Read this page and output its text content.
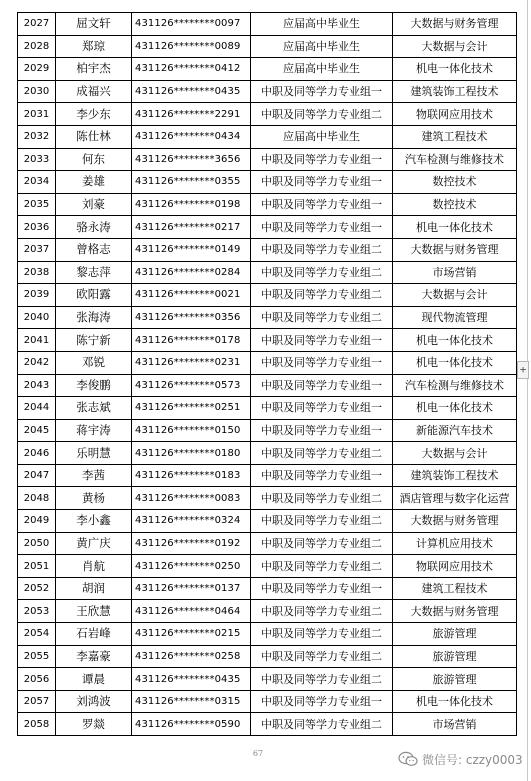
2027	屈文轩	431126********0097	应届高中毕业生	大数据与财务管理
2028	郑琼	431126********0089	应届高中毕业生	大数据与会计
2029	柏宇杰	431126********0412	应届高中毕业生	机电一体化技术
2030	成福兴	431126********0435	中职及同等学力专业组一	建筑装饰工程技术
2031	李少东	431126********2291	中职及同等学力专业组二	物联网应用技术
2032	陈仕林	431126********0434	应届高中毕业生	建筑工程技术
2033	何东	431126********3656	中职及同等学力专业组一	汽车检测与维修技术
2034	姜雄	431126********0355	中职及同等学力专业组一	数控技术
2035	刘豪	431126********0198	中职及同等学力专业组一	数控技术
2036	骆永涛	431126********0217	中职及同等学力专业组一	机电一体化技术
2037	曾格志	431126********0149	中职及同等学力专业组二	大数据与财务管理
2038	黎志萍	431126********0284	中职及同等学力专业组二	市场营销
2039	欧阳露	431126********0021	中职及同等学力专业组二	大数据与会计
2040	张海涛	431126********0356	中职及同等学力专业组二	现代物流管理
2041	陈宁新	431126********0178	中职及同等学力专业组一	机电一体化技术
2042	邓锐	431126********0231	中职及同等学力专业组一	机电一体化技术
2043	李俊鹏	431126********0573	中职及同等学力专业组一	汽车检测与维修技术
2044	张志斌	431126********0251	中职及同等学力专业组一	机电一体化技术
2045	蒋宇涛	431126********0150	中职及同等学力专业组一	新能源汽车技术
2046	乐明慧	431126********0180	中职及同等学力专业组二	大数据与会计
2047	李茜	431126********0183	中职及同等学力专业组一	建筑装饰工程技术
2048	黄杨	431126********0083	中职及同等学力专业组二	酒店管理与数字化运营
2049	李小鑫	431126********0324	中职及同等学力专业组二	大数据与财务管理
2050	黄广庆	431126********0192	中职及同等学力专业组二	计算机应用技术
2051	肖航	431126********0250	中职及同等学力专业组二	物联网应用技术
2052	胡润	431126********0137	中职及同等学力专业组一	建筑工程技术
2053	王欣慧	431126********0464	中职及同等学力专业组二	大数据与财务管理
2054	石岩峰	431126********0215	中职及同等学力专业组二	旅游管理
2055	李嘉豪	431126********0258	中职及同等学力专业组二	旅游管理
2056	谭晨	431126********0435	中职及同等学力专业组二	旅游管理
2057	刘鸿波	431126********0315	中职及同等学力专业组一	机电一体化技术
2058	罗燚	431126********0590	中职及同等学力专业组二	市场营销
+
67	微信号: czzy0003
